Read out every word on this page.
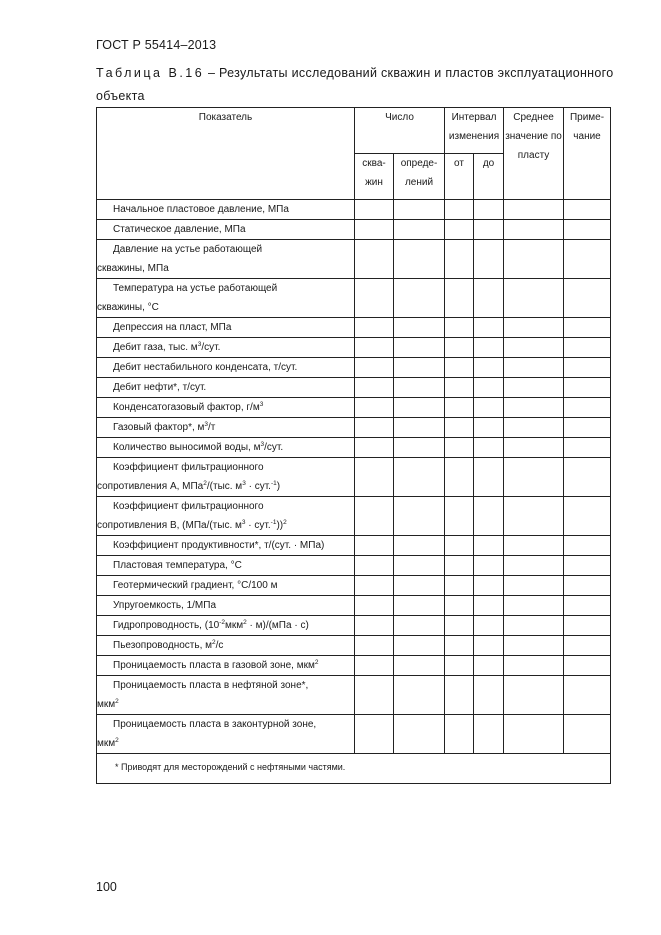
ГОСТ Р 55414–2013
Таблица В.16 – Результаты исследований скважин и пластов эксплуатационного объекта
Показатель	Число		Интервал изменения		Среднее значение по пласту	Приме-чание
	сква-жин	опреде-лений	от	до		
Начальное пластовое давление, МПа						
Статическое давление, МПа						
Давление на устье работающей
скважины, МПа						
Температура на устье работающей
скважины, °С						
Депрессия на пласт, МПа						
Дебит газа, тыс. $м^3$/сут.						
Дебит нестабильного конденсата, т/сут.						
Дебит нефти*, т/сут.						
Конденсатогазовый фактор, $г/м^3$						
Газовый фактор*, $м^3/т$						
Количество выносимой воды, $м^3$/сут.						
Коэффициент фильтрационного
сопротивления А, МПа$^2$/(тыс. $м^3 \cdot сут.^{-1}$)						
Коэффициент фильтрационного
сопротивления В, (МПа/(тыс. $м^3 \cdot сут.^{-1}))^2$						
Коэффициент продуктивности*, т/(сут. · МПа)						
Пластовая температура, °С						
Геотермический градиент, °С/100 м						
Упругоемкость, 1/МПа						
Гидропроводность, $(10^{-2}мкм^2 \cdot м)/(мПа \cdot с)$						
Пьезопроводность, $м^2/с$						
Проницаемость пласта в газовой зоне, мкм$^2$						
Проницаемость пласта в нефтяной зоне*,
мкм$^2$						
Проницаемость пласта в законтурной зоне,
мкм$^2$						

* Приводят для месторождений с нефтяными частями.						
100
